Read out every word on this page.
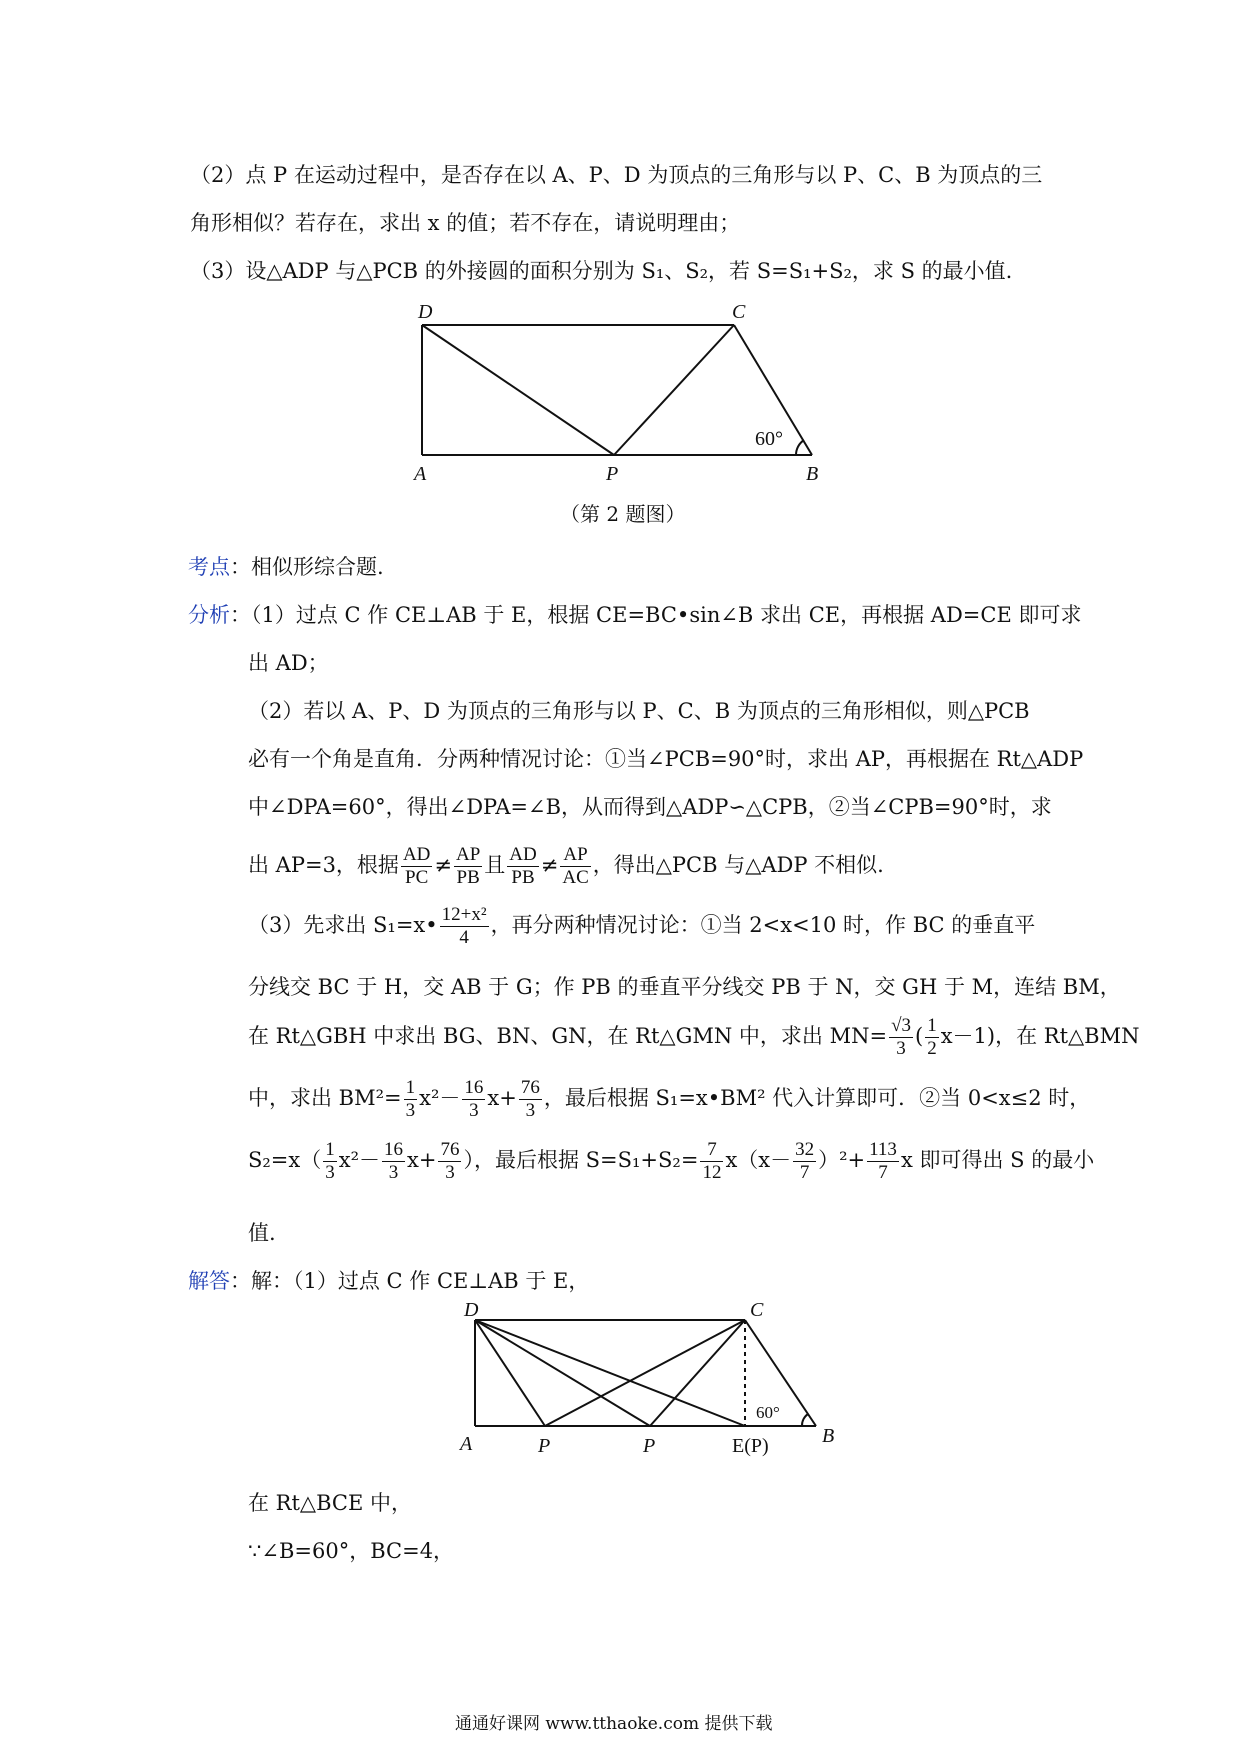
（2）点 P 在运动过程中，是否存在以 A、P、D 为顶点的三角形与以 P、C、B 为顶点的三
角形相似？若存在，求出 x 的值；若不存在，请说明理由；
（3）设△ADP 与△PCB 的外接圆的面积分别为 S₁、S₂，若 S=S₁+S₂，求 S 的最小值.
D	C
A	P	B
60°
（第 2 题图）
考点：相似形综合题.
分析：（1）过点 C 作 CE⊥AB 于 E，根据 CE=BC•sin∠B 求出 CE，再根据 AD=CE 即可求
出 AD；
（2）若以 A、P、D 为顶点的三角形与以 P、C、B 为顶点的三角形相似，则△PCB
必有一个角是直角．分两种情况讨论：①当∠PCB=90°时，求出 AP，再根据在 Rt△ADP
中∠DPA=60°，得出∠DPA=∠B，从而得到△ADP∽△CPB，②当∠CPB=90°时，求
出 AP=3，根据 $\frac{AD}{PC} \ne \frac{AP}{PB}$ 且 $\frac{AD}{PB} \ne \frac{AP}{AC}$ ，得出△PCB 与△ADP 不相似.
（3）先求出 S₁=x• $\frac{\text{12+x²}}{4}$ ，再分两种情况讨论：①当 2<x<10 时，作 BC 的垂直平
分线交 BC 于 H，交 AB 于 G；作 PB 的垂直平分线交 PB 于 N，交 GH 于 M，连结 BM，
在 Rt△GBH 中求出 BG、BN、GN，在 Rt△GMN 中，求出 $MN= \frac{√3}{3}$ ( $\frac{1}{2} x-1$)，在 Rt△BMN
中，求出 $BM^2= \frac{1}{3} x^2- \frac{16}{3} x+ \frac{76}{3}$ ，最后根据 S₁=x•BM² 代入计算即可．②当 0<x≤2 时，
$S_2=x( \frac{1}{3} x^2- \frac{16}{3} x+ \frac{76}{3}$ ），最后根据 $S=S_1+S_2= \frac{7}{12} x(x- \frac{32}{7} )^2+ \frac{113}{7}$ x 即可得出 S 的最小
值.
解答：解：（1）过点 C 作 CE⊥AB 于 E，
D	C
A	P	P	E(P)	B
60°
在 Rt△BCE 中，
∵∠B=60°，BC=4，
通通好课网 www.tthaoke.com 提供下载
